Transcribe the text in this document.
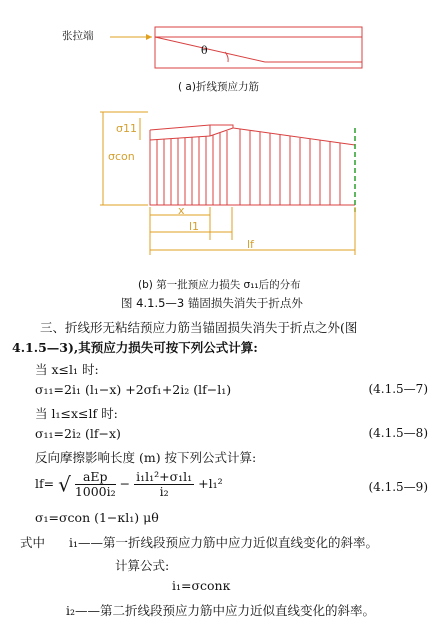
张拉端
θ
( a)折线预应力筋
σ11
σcon
x
l1
lf
(b) 第一批预应力损失 σ₁₁后的分布
图 4.1.5—3 锚固损失消失于折点外
三、折线形无粘结预应力筋当锚固损失消失于折点之外(图
4.1.5—3),其预应力损失可按下列公式计算:
当 x≤l₁ 时:
σ₁₁=2i₁ (l₁−x) +2σf₁+2i₂ (lf−l₁)	(4.1.5—7)
当 l₁≤x≤lf 时:
σ₁₁=2i₂ (lf−x)	(4.1.5—8)
反向摩擦影响长度 (m) 按下列公式计算:
lf= √ $\frac{\text{aEp}}{\text{1000i₂}} - \frac{\text{i₁l₁²+σ₁l₁}}{\text{i₂}} +l_1^2$	(4.1.5—9)
σ₁=σcon (1−κl₁) μθ
式中 i₁——第一折线段预应力筋中应力近似直线变化的斜率。
计算公式:
i₁=σconκ
i₂——第二折线段预应力筋中应力近似直线变化的斜率。
